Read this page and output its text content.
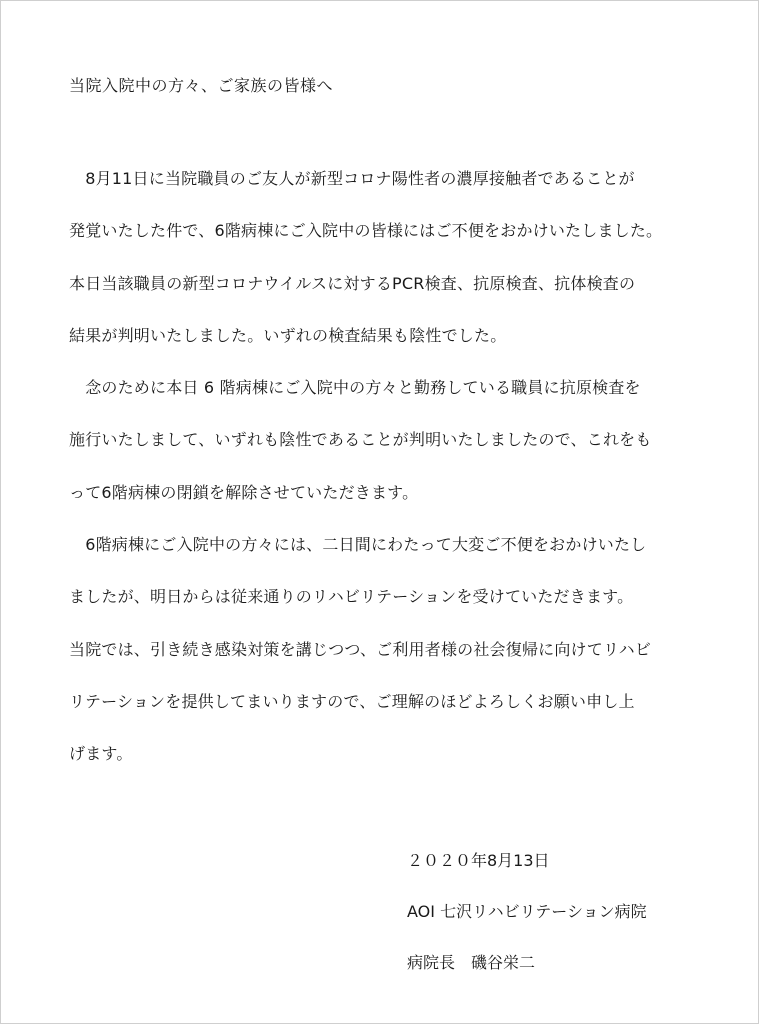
当院入院中の方々、ご家族の皆様へ

　8月11日に当院職員のご友人が新型コロナ陽性者の濃厚接触者であることが
発覚いたした件で、6階病棟にご入院中の皆様にはご不便をおかけいたしました。
本日当該職員の新型コロナウイルスに対するPCR検査、抗原検査、抗体検査の
結果が判明いたしました。いずれの検査結果も陰性でした。
　念のために本日 6 階病棟にご入院中の方々と勤務している職員に抗原検査を
施行いたしまして、いずれも陰性であることが判明いたしましたので、これをも
って6階病棟の閉鎖を解除させていただきます。
　6階病棟にご入院中の方々には、二日間にわたって大変ご不便をおかけいたし
ましたが、明日からは従来通りのリハビリテーションを受けていただきます。
当院では、引き続き感染対策を講じつつ、ご利用者様の社会復帰に向けてリハビ
リテーションを提供してまいりますので、ご理解のほどよろしくお願い申し上
げます。
２０２０年8月13日
AOI 七沢リハビリテーション病院
病院長　磯谷栄二
